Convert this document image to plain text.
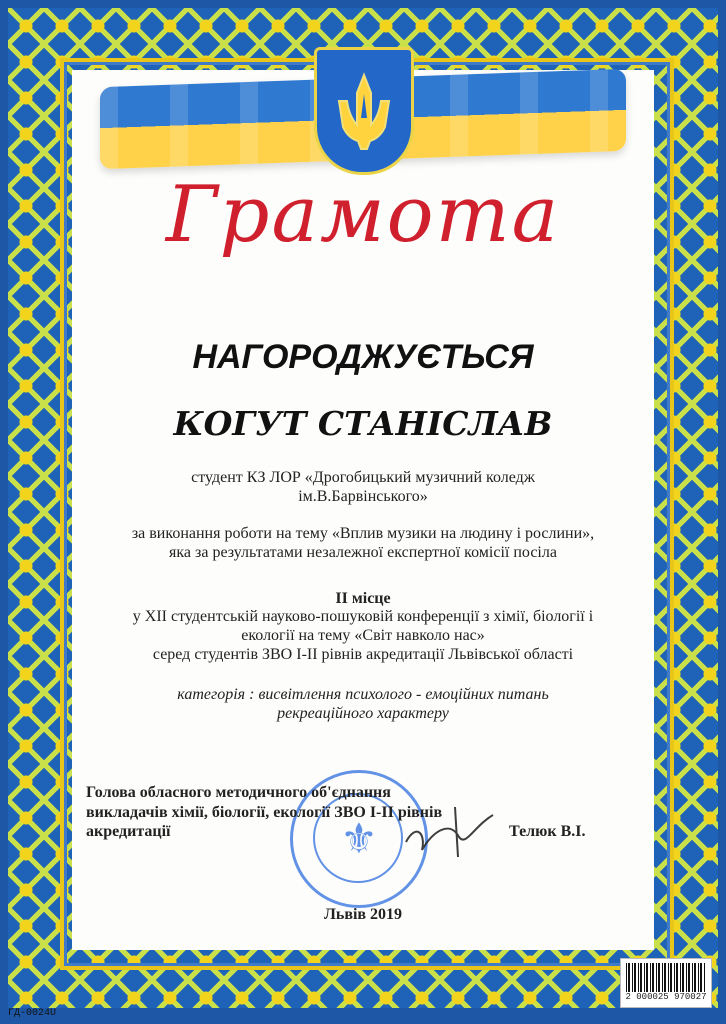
Грамота
НАГОРОДЖУЄТЬСЯ
КОГУТ СТАНІСЛАВ
студент КЗ ЛОР «Дрогобицький музичний коледж ім.В.Барвінського»
за виконання роботи на тему «Вплив музики на людину і рослини», яка за результатами незалежної експертної комісії посіла
ІІ місце
у ХІІ студентській науково-пошуковій конференції з хімії, біології і екології на тему «Світ навколо нас»
серед студентів ЗВО І-ІІ рівнів акредитації Львівської області
категорія : висвітлення психолого - емоційних питань рекреаційного характеру
⚜
Голова обласного методичного об'єднання викладачів хімії, біології, екології ЗВО І-ІІ рівнів акредитації	Телюк В.І.
Львів 2019
2 000025 970027
ГД-0024U
